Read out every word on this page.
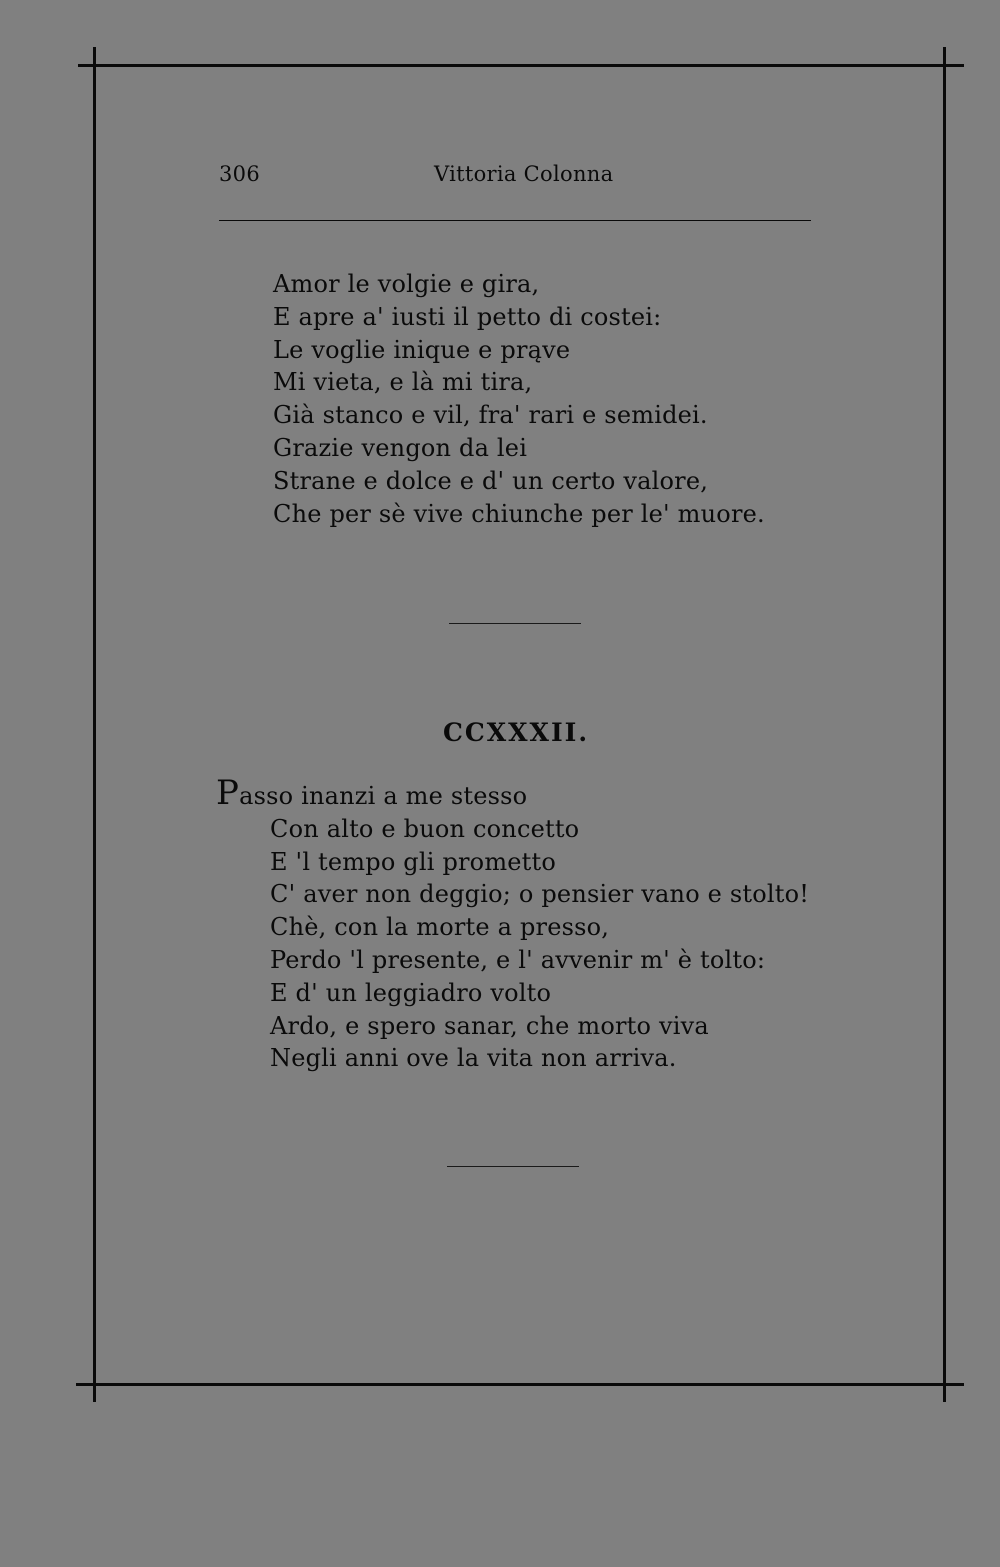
306	Vittoria Colonna
Amor le volgie e gira,
E apre a' iusti il petto di costei:
Le voglie inique e prąve
Mi vieta, e là mi tira,
Già stanco e vil, fra' rari e semidei.
Grazie vengon da lei
Strane e dolce e d' un certo valore,
Che per sè vive chiunche per le' muore.
CCXXXII.
Passo inanzi a me stesso
Con alto e buon concetto
E 'l tempo gli prometto
C' aver non deggio; o pensier vano e stolto!
Chè, con la morte a presso,
Perdo 'l presente, e l' avvenir m' è tolto:
E d' un leggiadro volto
Ardo, e spero sanar, che morto viva
Negli anni ove la vita non arriva.
